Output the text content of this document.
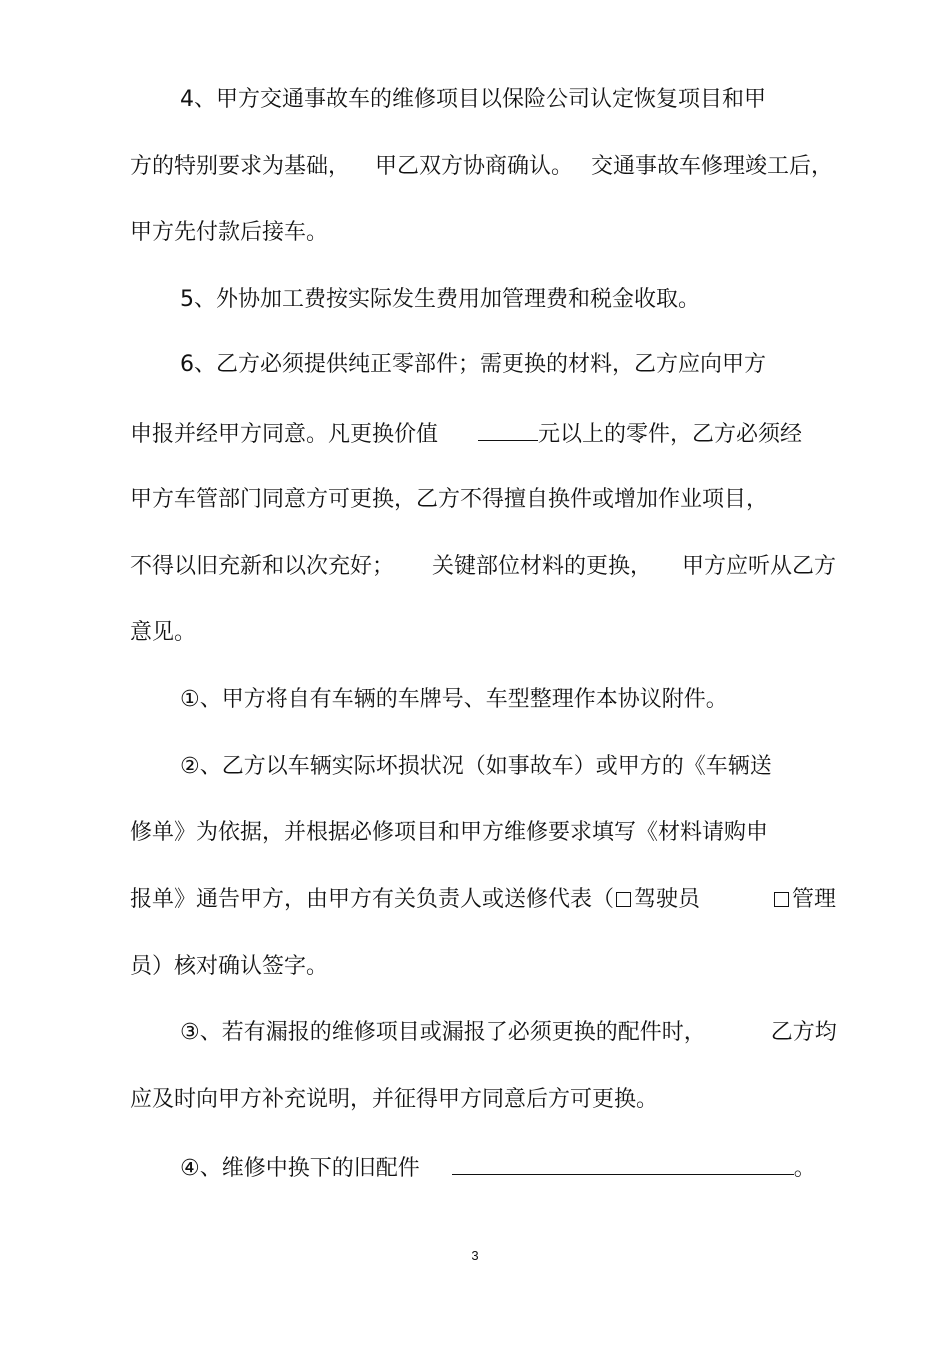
4、甲方交通事故车的维修项目以保险公司认定恢复项目和甲
方的特别要求为基础， 甲乙双方协商确认。 交通事故车修理竣工后，
甲方先付款后接车。
5、外协加工费按实际发生费用加管理费和税金收取。
6、乙方必须提供纯正零部件；需更换的材料，乙方应向甲方
申报并经甲方同意。凡更换价值	元以上的零件，乙方必须经
甲方车管部门同意方可更换，乙方不得擅自换件或增加作业项目，
不得以旧充新和以次充好； 关键部位材料的更换， 甲方应听从乙方
意见。
①、甲方将自有车辆的车牌号、车型整理作本协议附件。
②、乙方以车辆实际坏损状况（如事故车）或甲方的《车辆送
修单》为依据，并根据必修项目和甲方维修要求填写《材料请购申
报单》通告甲方，由甲方有关负责人或送修代表（ 驾驶员	管理
员）核对确认签字。
③、若有漏报的维修项目或漏报了必须更换的配件时，	乙方均
应及时向甲方补充说明，并征得甲方同意后方可更换。
④、维修中换下的旧配件	。
3
